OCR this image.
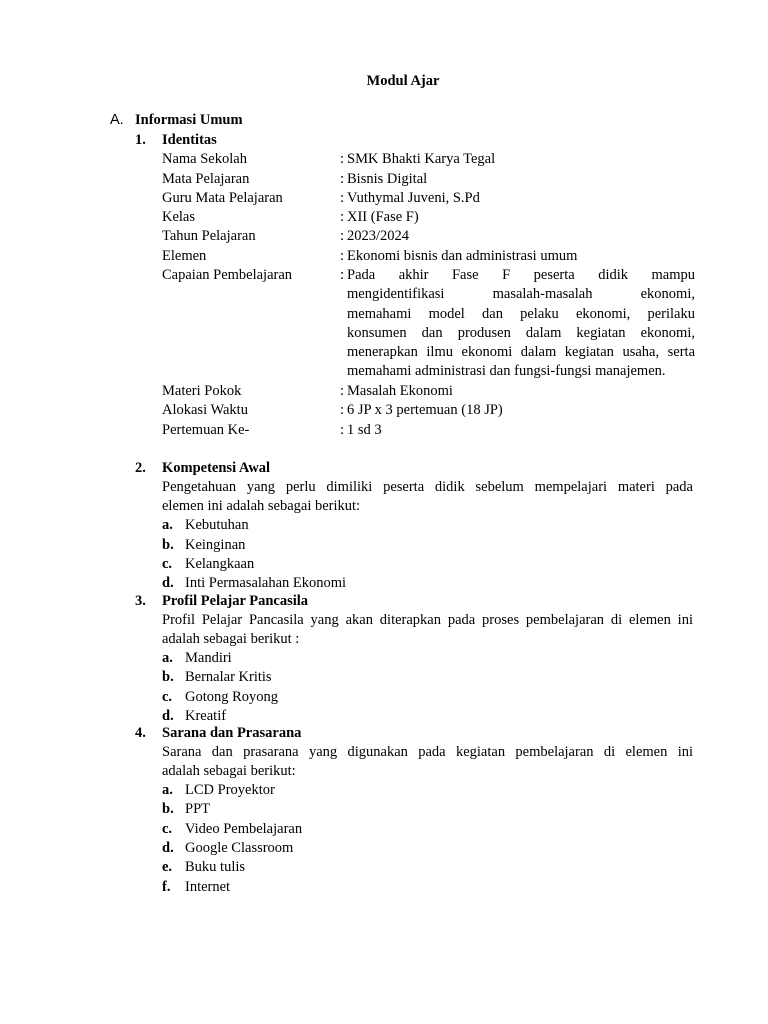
Modul Ajar
A. Informasi Umum
1. Identitas
Nama Sekolah	: SMK Bhakti Karya Tegal
Mata Pelajaran	: Bisnis Digital
Guru Mata Pelajaran	: Vuthymal Juveni, S.Pd
Kelas	: XII (Fase F)
Tahun Pelajaran	: 2023/2024
Elemen	: Ekonomi bisnis dan administrasi umum
Capaian Pembelajaran	: Pada akhir Fase F peserta didik mampu
mengidentifikasi masalah-masalah ekonomi,
memahami model dan pelaku ekonomi, perilaku
konsumen dan produsen dalam kegiatan ekonomi,
menerapkan ilmu ekonomi dalam kegiatan usaha, serta
memahami administrasi dan fungsi-fungsi manajemen.
Materi Pokok	: Masalah Ekonomi
Alokasi Waktu	: 6 JP x 3 pertemuan (18 JP)
Pertemuan Ke-	: 1 sd 3
2. Kompetensi Awal
Pengetahuan yang perlu dimiliki peserta didik sebelum mempelajari materi pada
elemen ini adalah sebagai berikut:
a. Kebutuhan
b. Keinginan
c. Kelangkaan
d. Inti Permasalahan Ekonomi
3. Profil Pelajar Pancasila
Profil Pelajar Pancasila yang akan diterapkan pada proses pembelajaran di elemen ini
adalah sebagai berikut :
a. Mandiri
b. Bernalar Kritis
c. Gotong Royong
d. Kreatif
4. Sarana dan Prasarana
Sarana dan prasarana yang digunakan pada kegiatan pembelajaran di elemen ini
adalah sebagai berikut:
a. LCD Proyektor
b. PPT
c. Video Pembelajaran
d. Google Classroom
e. Buku tulis
f. Internet
